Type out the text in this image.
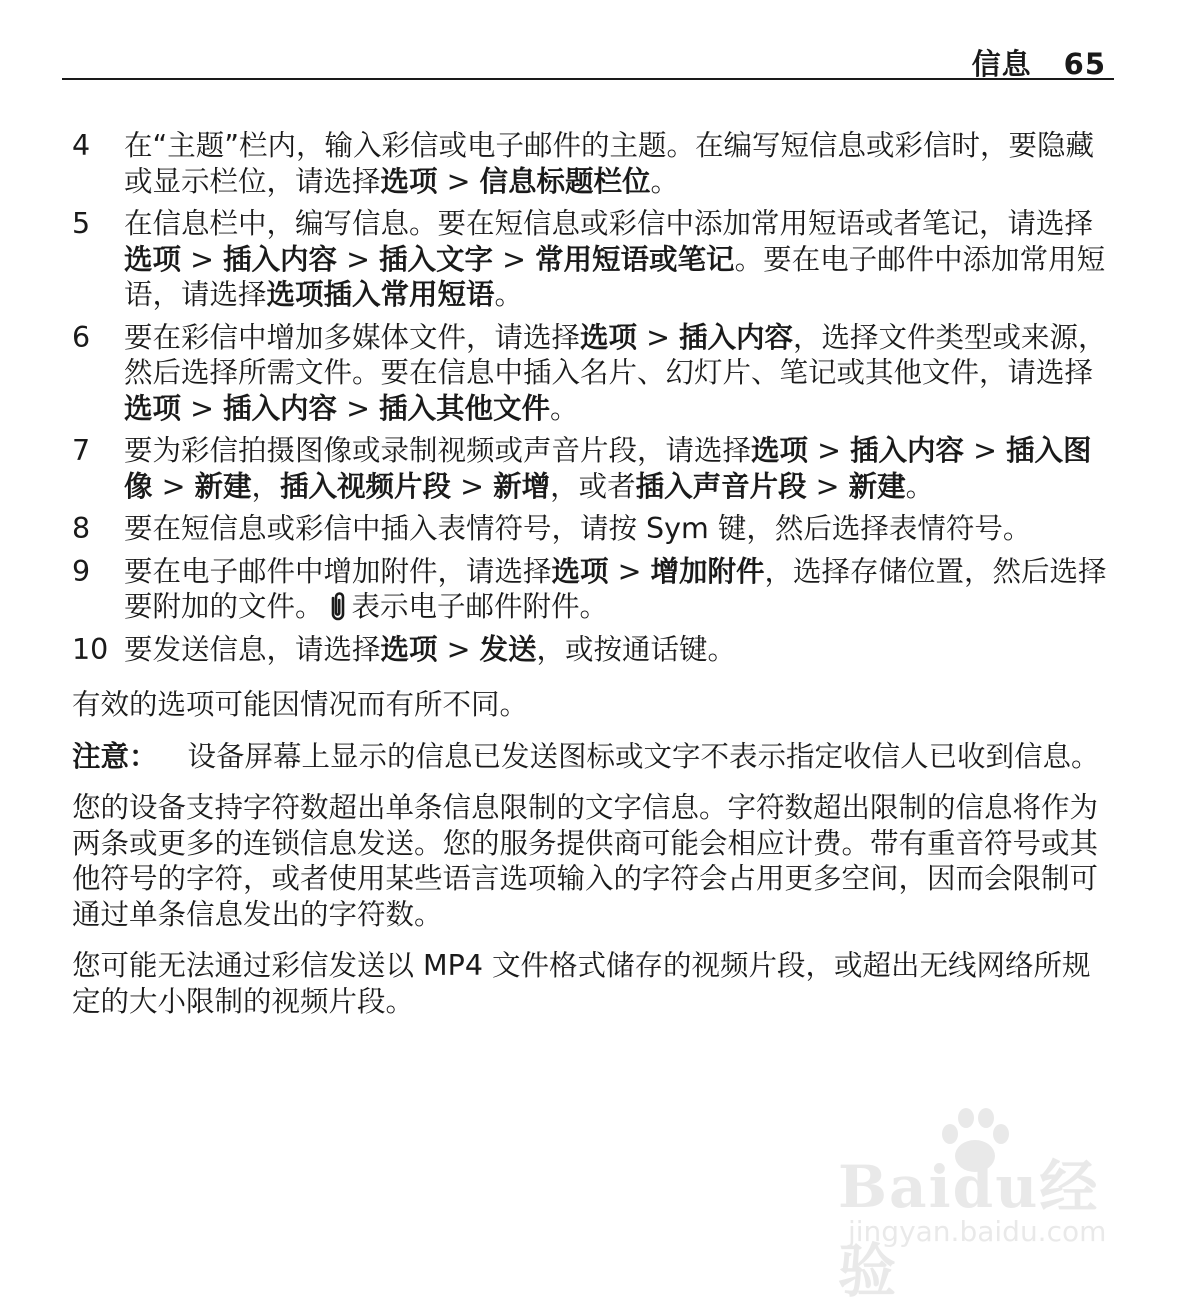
信息 65
4	在“主题”栏内，输入彩信或电子邮件的主题。在编写短信息或彩信时，要隐藏或显示栏位，请选择选项 > 信息标题栏位。
5	在信息栏中，编写信息。要在短信息或彩信中添加常用短语或者笔记，请选择选项 > 插入内容 > 插入文字 > 常用短语或笔记。要在电子邮件中添加常用短语，请选择选项插入常用短语。
6	要在彩信中增加多媒体文件，请选择选项 > 插入内容，选择文件类型或来源，然后选择所需文件。要在信息中插入名片、幻灯片、笔记或其他文件，请选择选项 > 插入内容 > 插入其他文件。
7	要为彩信拍摄图像或录制视频或声音片段，请选择选项 > 插入内容 > 插入图像 > 新建，插入视频片段 > 新增，或者插入声音片段 > 新建。
8	要在短信息或彩信中插入表情符号，请按 Sym 键，然后选择表情符号。
9	要在电子邮件中增加附件，请选择选项 > 增加附件，选择存储位置，然后选择要附加的文件。 表示电子邮件附件。
10 要发送信息，请选择选项 > 发送，或按通话键。

有效的选项可能因情况而有所不同。

注意： 设备屏幕上显示的信息已发送图标或文字不表示指定收信人已收到信息。

您的设备支持字符数超出单条信息限制的文字信息。字符数超出限制的信息将作为两条或更多的连锁信息发送。您的服务提供商可能会相应计费。带有重音符号或其他符号的字符，或者使用某些语言选项输入的字符会占用更多空间，因而会限制可通过单条信息发出的字符数。

您可能无法通过彩信发送以 MP4 文件格式储存的视频片段，或超出无线网络所规定的大小限制的视频片段。

Baidu经验
jingyan.baidu.com
